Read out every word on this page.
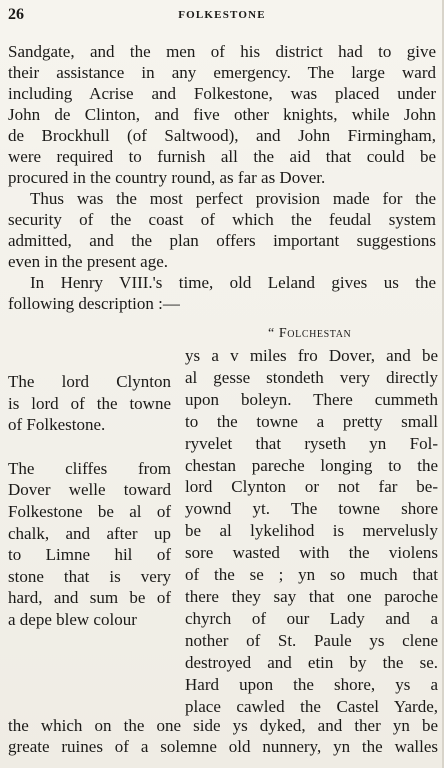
26	FOLKESTONE

Sandgate, and the men of his district had to give
their assistance in any emergency. The large ward
including Acrise and Folkestone, was placed under
John de Clinton, and five other knights, while John
de Brockhull (of Saltwood), and John Firmingham,
were required to furnish all the aid that could be
procured in the country round, as far as Dover.

Thus was the most perfect provision made for the
security of the coast of which the feudal system
admitted, and the plan offers important suggestions
even in the present age.

In Henry VIII.'s time, old Leland gives us the
following description :—

“ Folchestan

The lord Clynton
is lord of the towne
of Folkestone.

The cliffes from
Dover welle toward
Folkestone be al of
chalk, and after up
to Limne hil of
stone that is very
hard, and sum be of
a depe blew colour

ys a v miles fro Dover, and be
al gesse stondeth very directly
upon boleyn. There cummeth
to the towne a pretty small
ryvelet that ryseth yn Fol-
chestan pareche longing to the
lord Clynton or not far be-
yownd yt. The towne shore
be al lykelihod is mervelusly
sore wasted with the violens
of the se ; yn so much that
there they say that one paroche
chyrch of our Lady and a
nother of St. Paule ys clene
destroyed and etin by the se.
Hard upon the shore, ys a
place cawled the Castel Yarde,
the which on the one side ys dyked, and ther yn be
greate ruines of a solemne old nunnery, yn the walles
